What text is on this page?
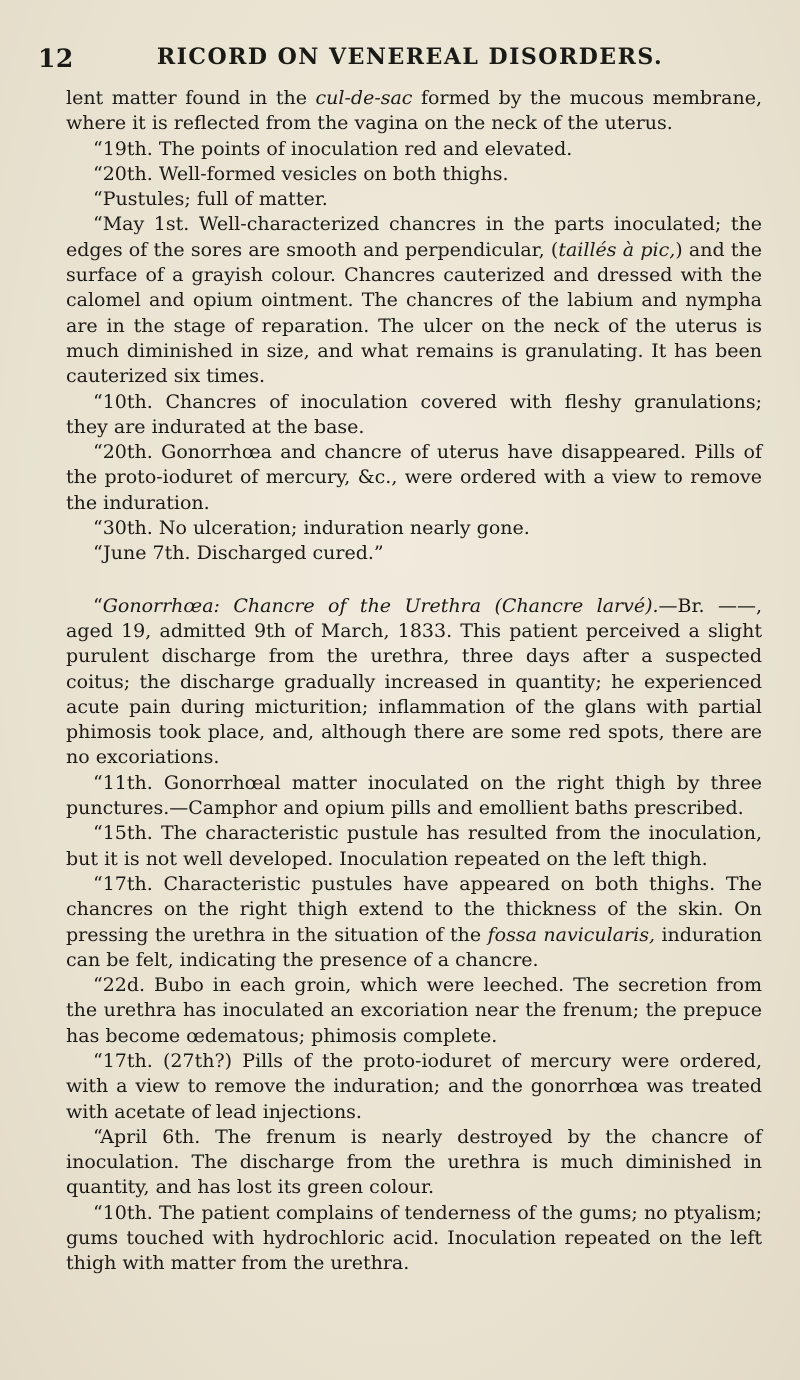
12	RICORD ON VENEREAL DISORDERS.

lent matter found in the cul-de-sac formed by the mucous membrane, where it is reflected from the vagina on the neck of the uterus.

“19th. The points of inoculation red and elevated.

“20th. Well-formed vesicles on both thighs.

“Pustules; full of matter.

“May 1st. Well-characterized chancres in the parts inoculated; the edges of the sores are smooth and perpendicular, (taillés à pic,) and the surface of a grayish colour. Chancres cauterized and dressed with the calomel and opium ointment. The chancres of the labium and nympha are in the stage of reparation. The ulcer on the neck of the uterus is much diminished in size, and what remains is granulating. It has been cauterized six times.

“10th. Chancres of inoculation covered with fleshy granulations; they are indurated at the base.

“20th. Gonorrhœa and chancre of uterus have disappeared. Pills of the proto-ioduret of mercury, &c., were ordered with a view to remove the induration.

“30th. No ulceration; induration nearly gone.

“June 7th. Discharged cured.”

“Gonorrhœa: Chancre of the Urethra (Chancre larvé).—Br. ——, aged 19, admitted 9th of March, 1833. This patient perceived a slight purulent discharge from the urethra, three days after a suspected coitus; the discharge gradually increased in quantity; he experienced acute pain during micturition; inflammation of the glans with partial phimosis took place, and, although there are some red spots, there are no excoriations.

“11th. Gonorrhœal matter inoculated on the right thigh by three punctures.—Camphor and opium pills and emollient baths prescribed.

“15th. The characteristic pustule has resulted from the inoculation, but it is not well developed. Inoculation repeated on the left thigh.

“17th. Characteristic pustules have appeared on both thighs. The chancres on the right thigh extend to the thickness of the skin. On pressing the urethra in the situation of the fossa navicularis, induration can be felt, indicating the presence of a chancre.

“22d. Bubo in each groin, which were leeched. The secretion from the urethra has inoculated an excoriation near the frenum; the prepuce has become œdematous; phimosis complete.

“17th. (27th?) Pills of the proto-ioduret of mercury were ordered, with a view to remove the induration; and the gonorrhœa was treated with acetate of lead injections.

“April 6th. The frenum is nearly destroyed by the chancre of inoculation. The discharge from the urethra is much diminished in quantity, and has lost its green colour.

“10th. The patient complains of tenderness of the gums; no ptyalism; gums touched with hydrochloric acid. Inoculation repeated on the left thigh with matter from the urethra.
